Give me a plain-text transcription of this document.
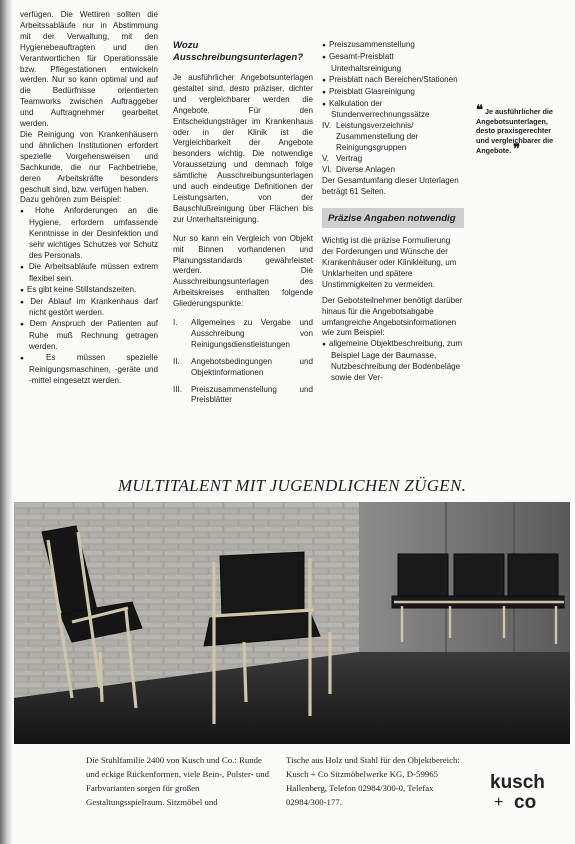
verfügen. Die Wettiren sollten die Arbeitssabläufe nur in Abstimmung mit der Verwaltung, mit den Hygienebeauftragten und den Verantwortlichen für Operationssäle bzw. Pflegestationen entwickeln werden. Nur so kann optimal und auf die Bedürfnisse orientierten Teamworks zwischen Auftraggeber und Auftragnehmer gearbeitet werden.

Die Reinigung von Krankenhäusern und ähnlichen Institutionen erfordert spezielle Vorgehensweisen und Sachkunde, die nur Fachbetriebe, deren Arbeitskräfte besonders geschult sind, bzw. verfügen haben.

Dazu gehören zum Beispiel:

● Hohe Anforderungen an die Hygiene, erfordern umfassende Kenntnisse in der Desinfektion und sehr wichtiges Schutzes vor Schutz des Personals.

● Die Arbeitsabläufe müssen extrem flexibel sein.

● Es gibt keine Stillstandszeiten.

● Der Ablauf im Krankenhaus darf nicht gestört werden.

● Dem Anspruch der Patienten auf Ruhe muß Rechnung getragen werden.

● Es müssen spezielle Reinigungsmaschinen, -geräte und -mittel eingesetzt werden.

Wozu Ausschreibungsunterlagen?

Je ausführlicher Angebotsunterlagen gestaltet sind, desto präziser, dichter und vergleichbarer werden die Angebote. Für den Entscheidungsträger im Krankenhaus oder in der Klinik ist die Vergleichbarkeit der Angebote besonders wichtig. Die notwendige Voraussetzung und demnach folge sämtliche Ausschreibungsunterlagen und auch eindeutige Definitionen der Leistungsarten, von der Bauschlußreinigung über Flächen bis zur Unterhaltsreinigung.

Nur so kann ein Vergleich von Objekt mit Binnen vorhandenen und Planungsstandards gewährleistet werden. Die Ausschreibungsunterlagen des Arbeitskreises enthalten folgende Gliederungspunkte:

I.	Allgemeines zu Vergabe und Ausschreibung von Reinigungsdienstleistungen
II.	Angebotsbedingungen und Objektinformationen
III.	Preiszusammenstellung und Preisblätter

● Preiszusammenstellung

● Gesamt-Preisblatt Unterhaltsreinigung

● Preisblatt nach Bereichen/Stationen

● Preisblatt Glasreinigung

● Kalkulation der Stundenverrechnungssätze

IV. Leistungsverzeichnis/ Zusammenstellung der Reinigungsgruppen
V. Vertrag
VI. Diverse Anlagen

Der Gesamtumfang dieser Unterlagen beträgt 61 Seiten.

Präzise Angaben notwendig

Wichtig ist die präzise Formulierung der Forderungen und Wünsche der Krankenhäuser oder Klinikleitung, um Unklarheiten und spätere Unstimmigkeiten zu vermeiden.

Der Gebotsteilnehmer benötigt darüber hinaus für die Angebotsabgabe umfangreiche Angebotsinformationen wie zum Beispiel:

● allgemeine Objektbeschreibung, zum Beispiel Lage der Baumasse, Nutzbeschreibung der Bodenbeläge sowie der Ver-

❝ Je ausführlicher die Angebotsunterlagen, desto praxisgerechter und vergleichbarer die Angebote. ❞
MULTITALENT MIT JUGENDLICHEN ZÜGEN.
Die Stuhlfamilie 2400 von Kusch und Co.: Runde und eckige Rückenformen, viele Bein-, Polster- und Farbvarianten sorgen für großen Gestaltungsspielraum. Sitzmöbel und
Tische aus Holz und Stahl für den Objektbereich: Kusch + Co Sitzmöbelwerke KG, D-59965 Hallenberg, Telefon 02984/300-0, Telefax 02984/300-177.
kusch
+ co
